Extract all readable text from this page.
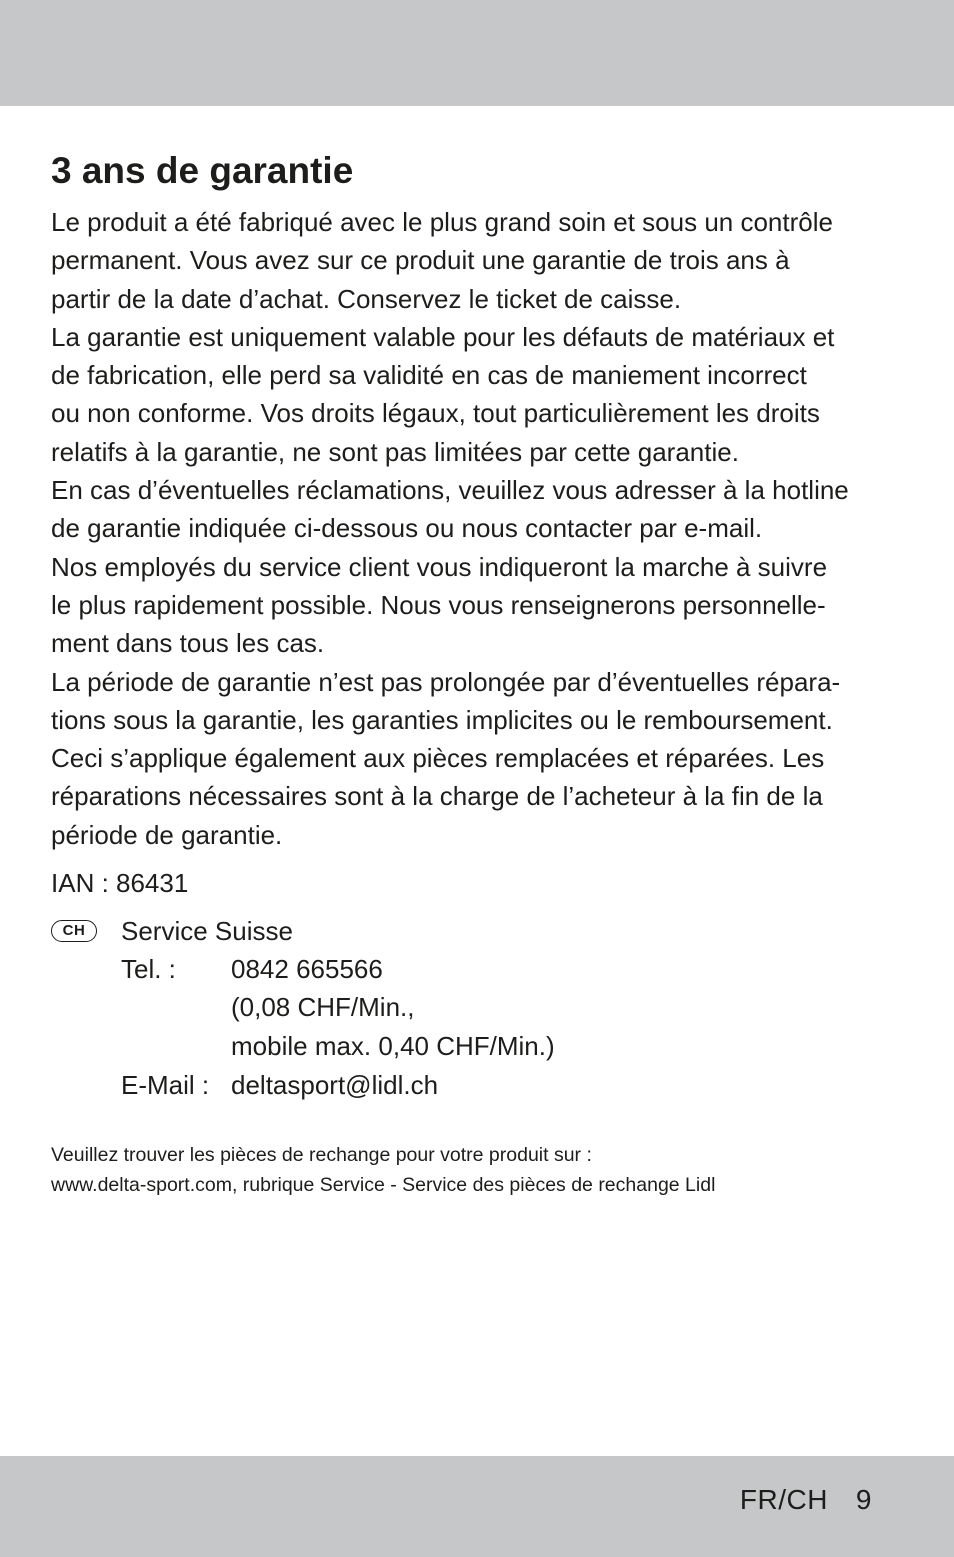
3 ans de garantie
Le produit a été fabriqué avec le plus grand soin et sous un contrôle
permanent. Vous avez sur ce produit une garantie de trois ans à
partir de la date d’achat. Conservez le ticket de caisse.
La garantie est uniquement valable pour les défauts de matériaux et
de fabrication, elle perd sa validité en cas de maniement incorrect
ou non conforme. Vos droits légaux, tout particulièrement les droits
relatifs à la garantie, ne sont pas limitées par cette garantie.
En cas d’éventuelles réclamations, veuillez vous adresser à la hotline
de garantie indiquée ci-dessous ou nous contacter par e-mail.
Nos employés du service client vous indiqueront la marche à suivre
le plus rapidement possible. Nous vous renseignerons personnelle-
ment dans tous les cas.
La période de garantie n’est pas prolongée par d’éventuelles répara-
tions sous la garantie, les garanties implicites ou le remboursement.
Ceci s’applique également aux pièces remplacées et réparées. Les
réparations nécessaires sont à la charge de l’acheteur à la fin de la
période de garantie.
IAN : 86431
CH	Service Suisse
Tel. : 0842 665566
(0,08 CHF/Min.,
mobile max. 0,40 CHF/Min.)
E-Mail : deltasport@lidl.ch
Veuillez trouver les pièces de rechange pour votre produit sur :
www.delta-sport.com, rubrique Service - Service des pièces de rechange Lidl
FR/CH 9
